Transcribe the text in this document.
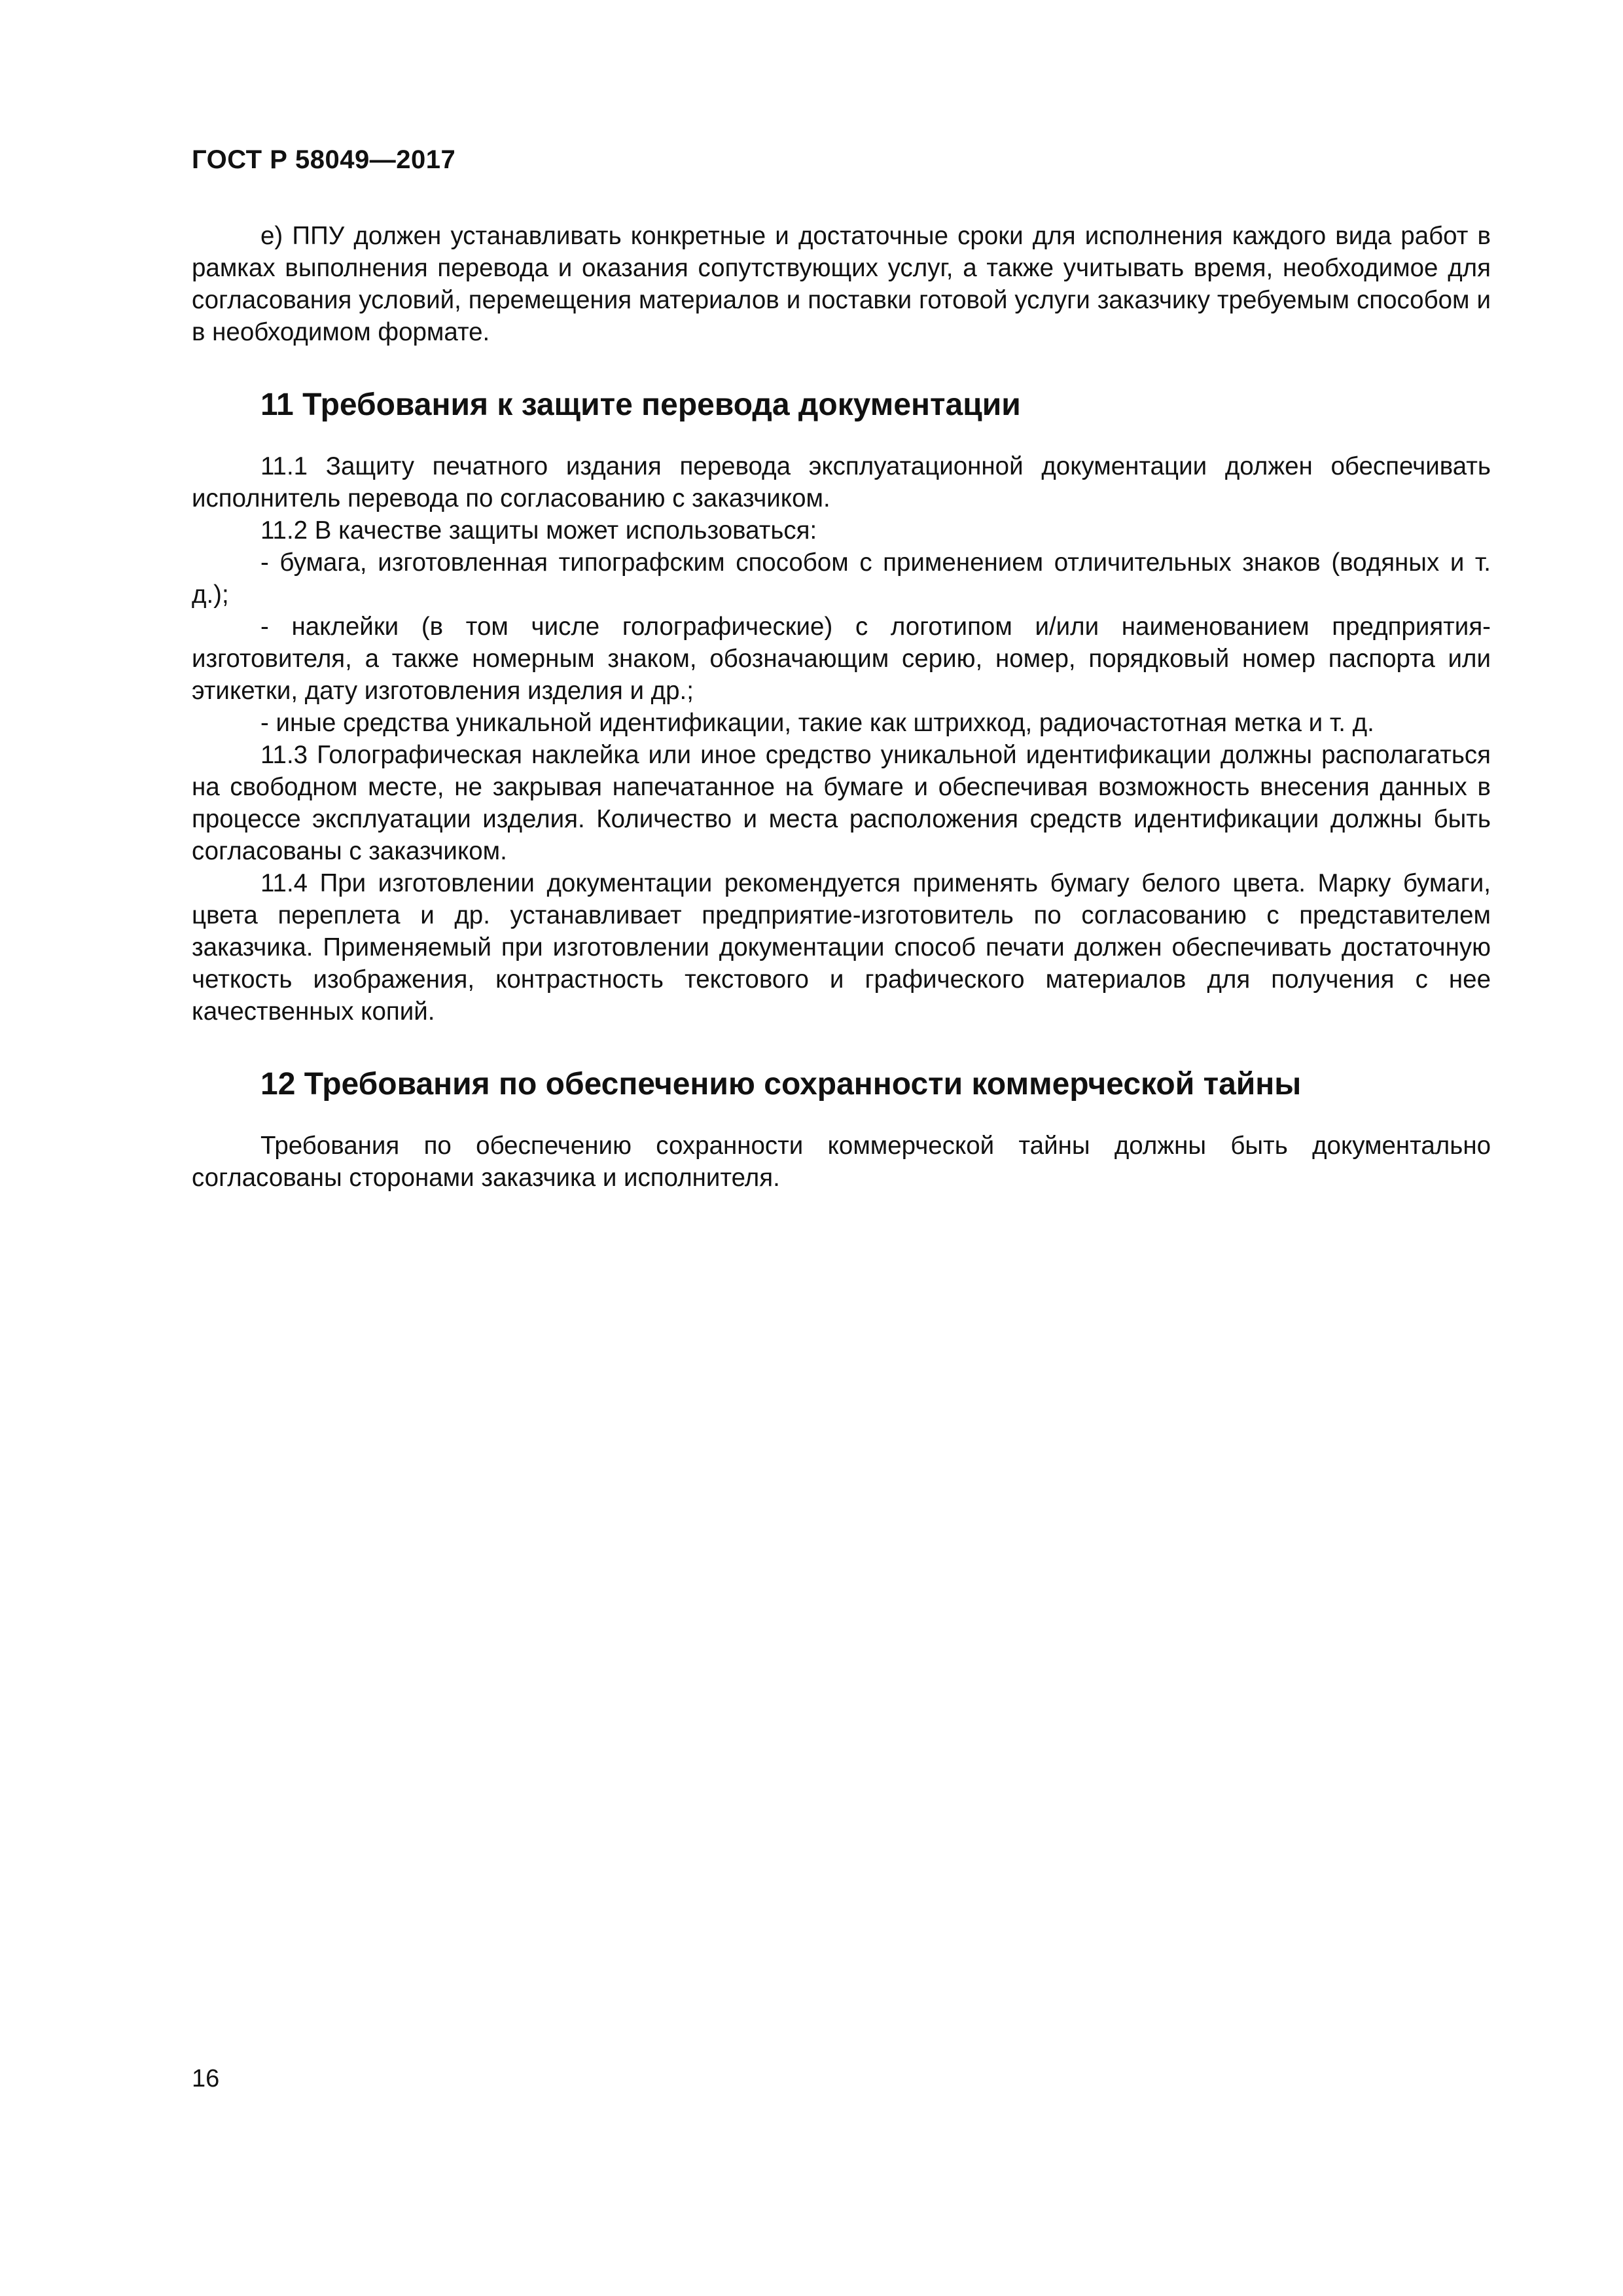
ГОСТ Р 58049—2017

е) ППУ должен устанавливать конкретные и достаточные сроки для исполнения каждого вида работ в рамках выполнения перевода и оказания сопутствующих услуг, а также учитывать время, необходимое для согласования условий, перемещения материалов и поставки готовой услуги заказчику требуемым способом и в необходимом формате.

11 Требования к защите перевода документации

11.1 Защиту печатного издания перевода эксплуатационной документации должен обеспечивать исполнитель перевода по согласованию с заказчиком.

11.2 В качестве защиты может использоваться:

- бумага, изготовленная типографским способом с применением отличительных знаков (водяных и т. д.);

- наклейки (в том числе голографические) с логотипом и/или наименованием предприятия-изготовителя, а также номерным знаком, обозначающим серию, номер, порядковый номер паспорта или этикетки, дату изготовления изделия и др.;

- иные средства уникальной идентификации, такие как штрихкод, радиочастотная метка и т. д.

11.3 Голографическая наклейка или иное средство уникальной идентификации должны располагаться на свободном месте, не закрывая напечатанное на бумаге и обеспечивая возможность внесения данных в процессе эксплуатации изделия. Количество и места расположения средств идентификации должны быть согласованы с заказчиком.

11.4 При изготовлении документации рекомендуется применять бумагу белого цвета. Марку бумаги, цвета переплета и др. устанавливает предприятие-изготовитель по согласованию с представителем заказчика. Применяемый при изготовлении документации способ печати должен обеспечивать достаточную четкость изображения, контрастность текстового и графического материалов для получения с нее качественных копий.

12 Требования по обеспечению сохранности коммерческой тайны

Требования по обеспечению сохранности коммерческой тайны должны быть документально согласованы сторонами заказчика и исполнителя.

16
